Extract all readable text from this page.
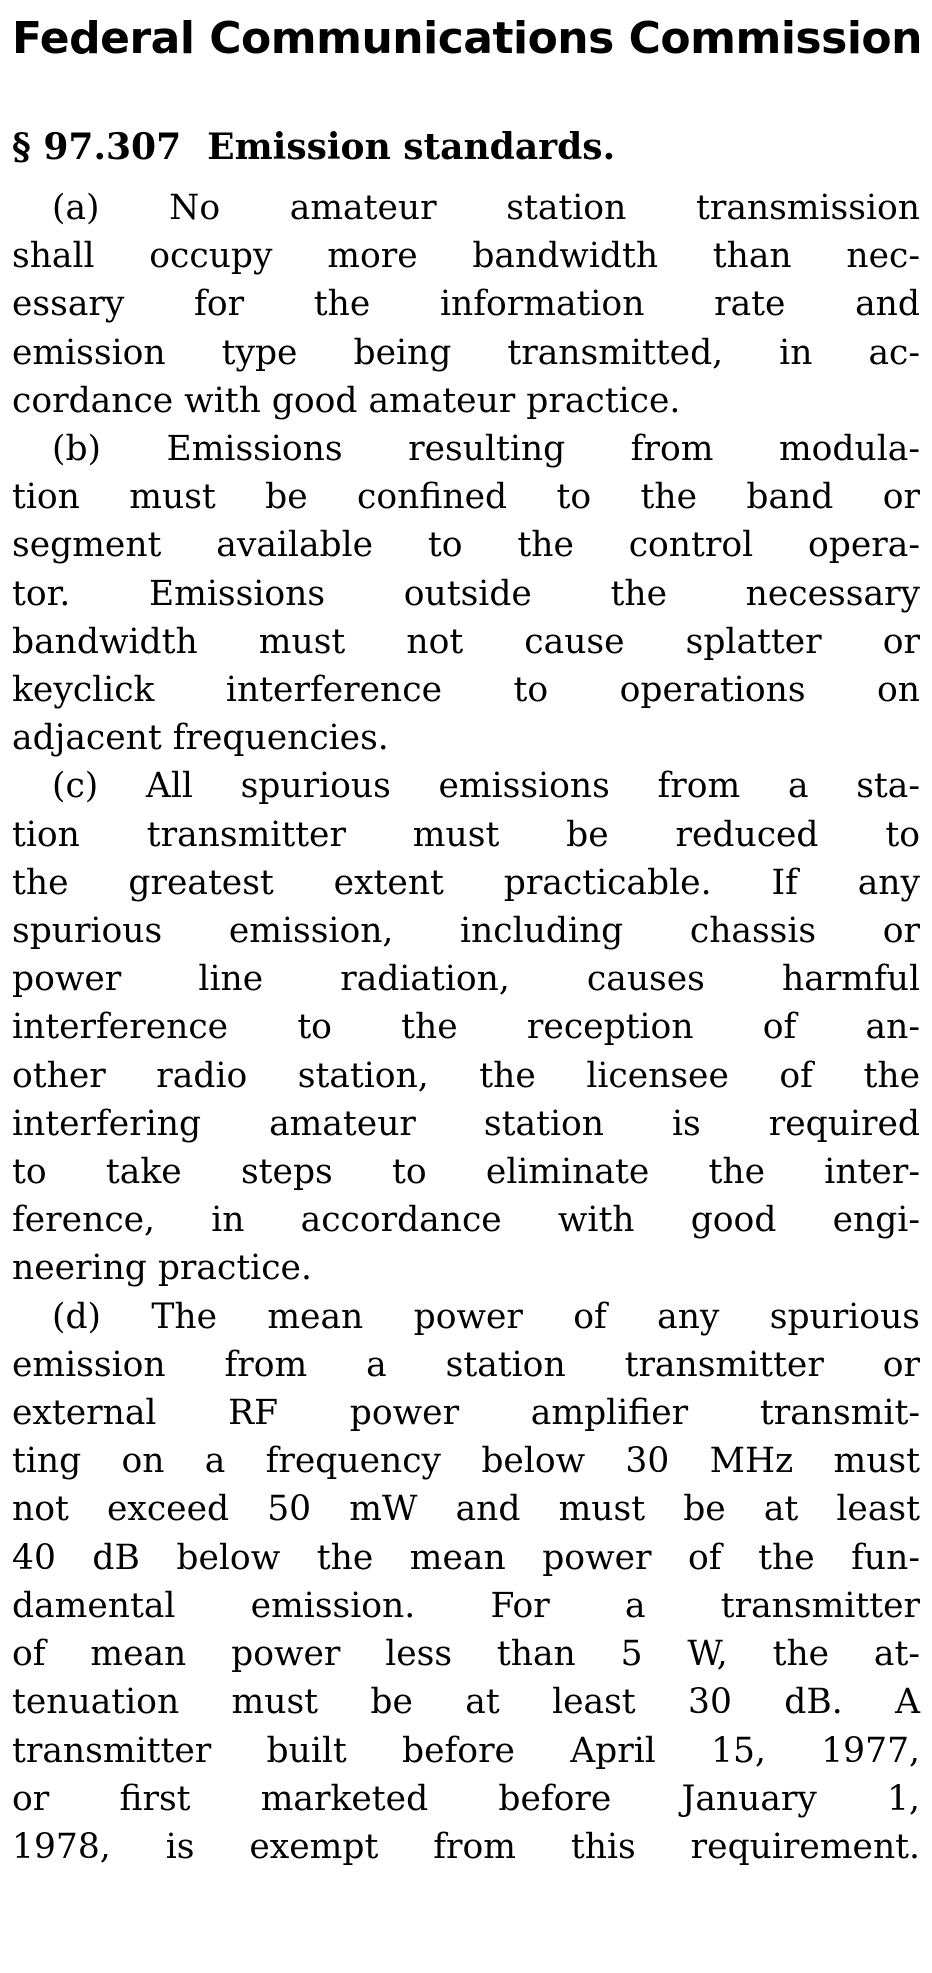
Federal Communications Commission
§ 97.307 Emission standards.
(a) No amateur station transmission
shall occupy more bandwidth than nec-
essary for the information rate and
emission type being transmitted, in ac-
cordance with good amateur practice.
(b) Emissions resulting from modula-
tion must be confined to the band or
segment available to the control opera-
tor. Emissions outside the necessary
bandwidth must not cause splatter or
keyclick interference to operations on
adjacent frequencies.
(c) All spurious emissions from a sta-
tion transmitter must be reduced to
the greatest extent practicable. If any
spurious emission, including chassis or
power line radiation, causes harmful
interference to the reception of an-
other radio station, the licensee of the
interfering amateur station is required
to take steps to eliminate the inter-
ference, in accordance with good engi-
neering practice.
(d) The mean power of any spurious
emission from a station transmitter or
external RF power amplifier transmit-
ting on a frequency below 30 MHz must
not exceed 50 mW and must be at least
40 dB below the mean power of the fun-
damental emission. For a transmitter
of mean power less than 5 W, the at-
tenuation must be at least 30 dB. A
transmitter built before April 15, 1977,
or first marketed before January 1,
1978, is exempt from this requirement.
